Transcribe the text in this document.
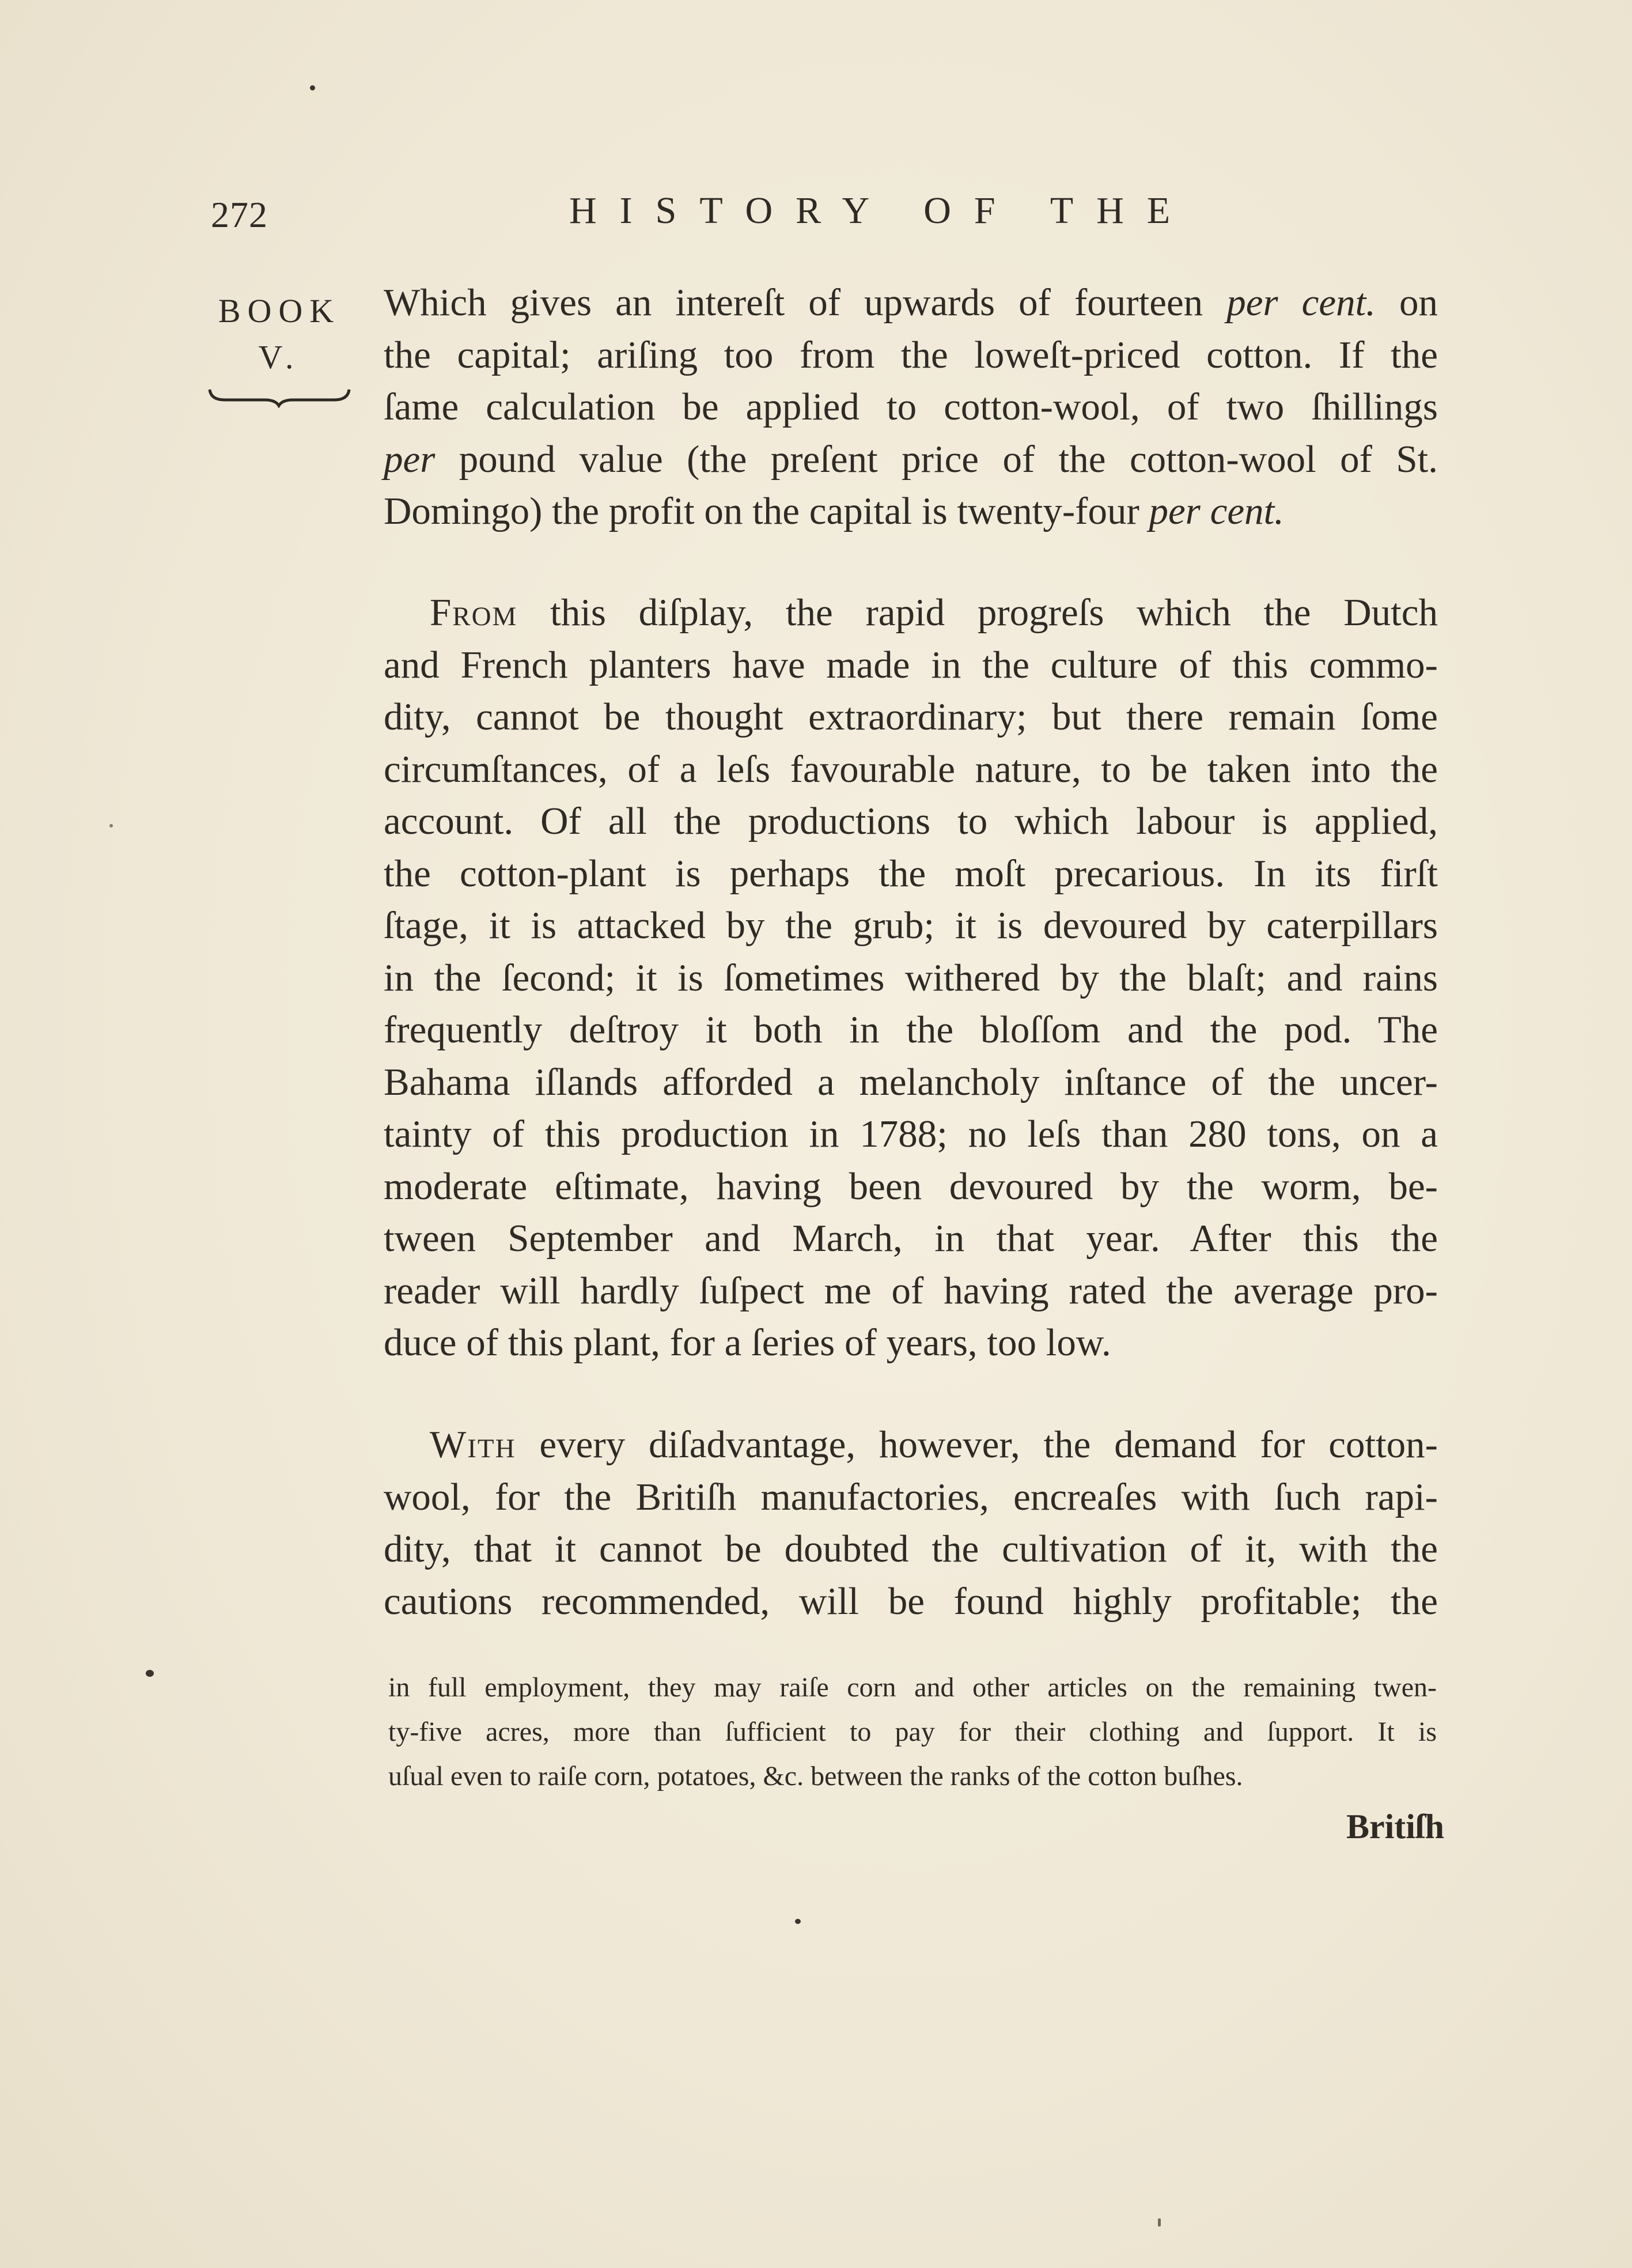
272	HISTORY OF THE
BOOK
V.
Which gives an intereſt of upwards of fourteen per cent. on
the capital; ariſing too from the loweſt-priced cotton. If the
ſame calculation be applied to cotton-wool, of two ſhillings
per pound value (the preſent price of the cotton-wool of St.
Domingo) the profit on the capital is twenty-four per cent.
From this diſplay, the rapid progreſs which the Dutch
and French planters have made in the culture of this commo-
dity, cannot be thought extraordinary; but there remain ſome
circumſtances, of a leſs favourable nature, to be taken into the
account. Of all the productions to which labour is applied,
the cotton-plant is perhaps the moſt precarious. In its firſt
ſtage, it is attacked by the grub; it is devoured by caterpillars
in the ſecond; it is ſometimes withered by the blaſt; and rains
frequently deſtroy it both in the bloſſom and the pod. The
Bahama iſlands afforded a melancholy inſtance of the uncer-
tainty of this production in 1788; no leſs than 280 tons, on a
moderate eſtimate, having been devoured by the worm, be-
tween September and March, in that year. After this the
reader will hardly ſuſpect me of having rated the average pro-
duce of this plant, for a ſeries of years, too low.
With every diſadvantage, however, the demand for cotton-
wool, for the Britiſh manufactories, encreaſes with ſuch rapi-
dity, that it cannot be doubted the cultivation of it, with the
cautions recommended, will be found highly profitable; the
in full employment, they may raiſe corn and other articles on the remaining twen-
ty-five acres, more than ſufficient to pay for their clothing and ſupport. It is
uſual even to raiſe corn, potatoes, &c. between the ranks of the cotton buſhes.
Britiſh
